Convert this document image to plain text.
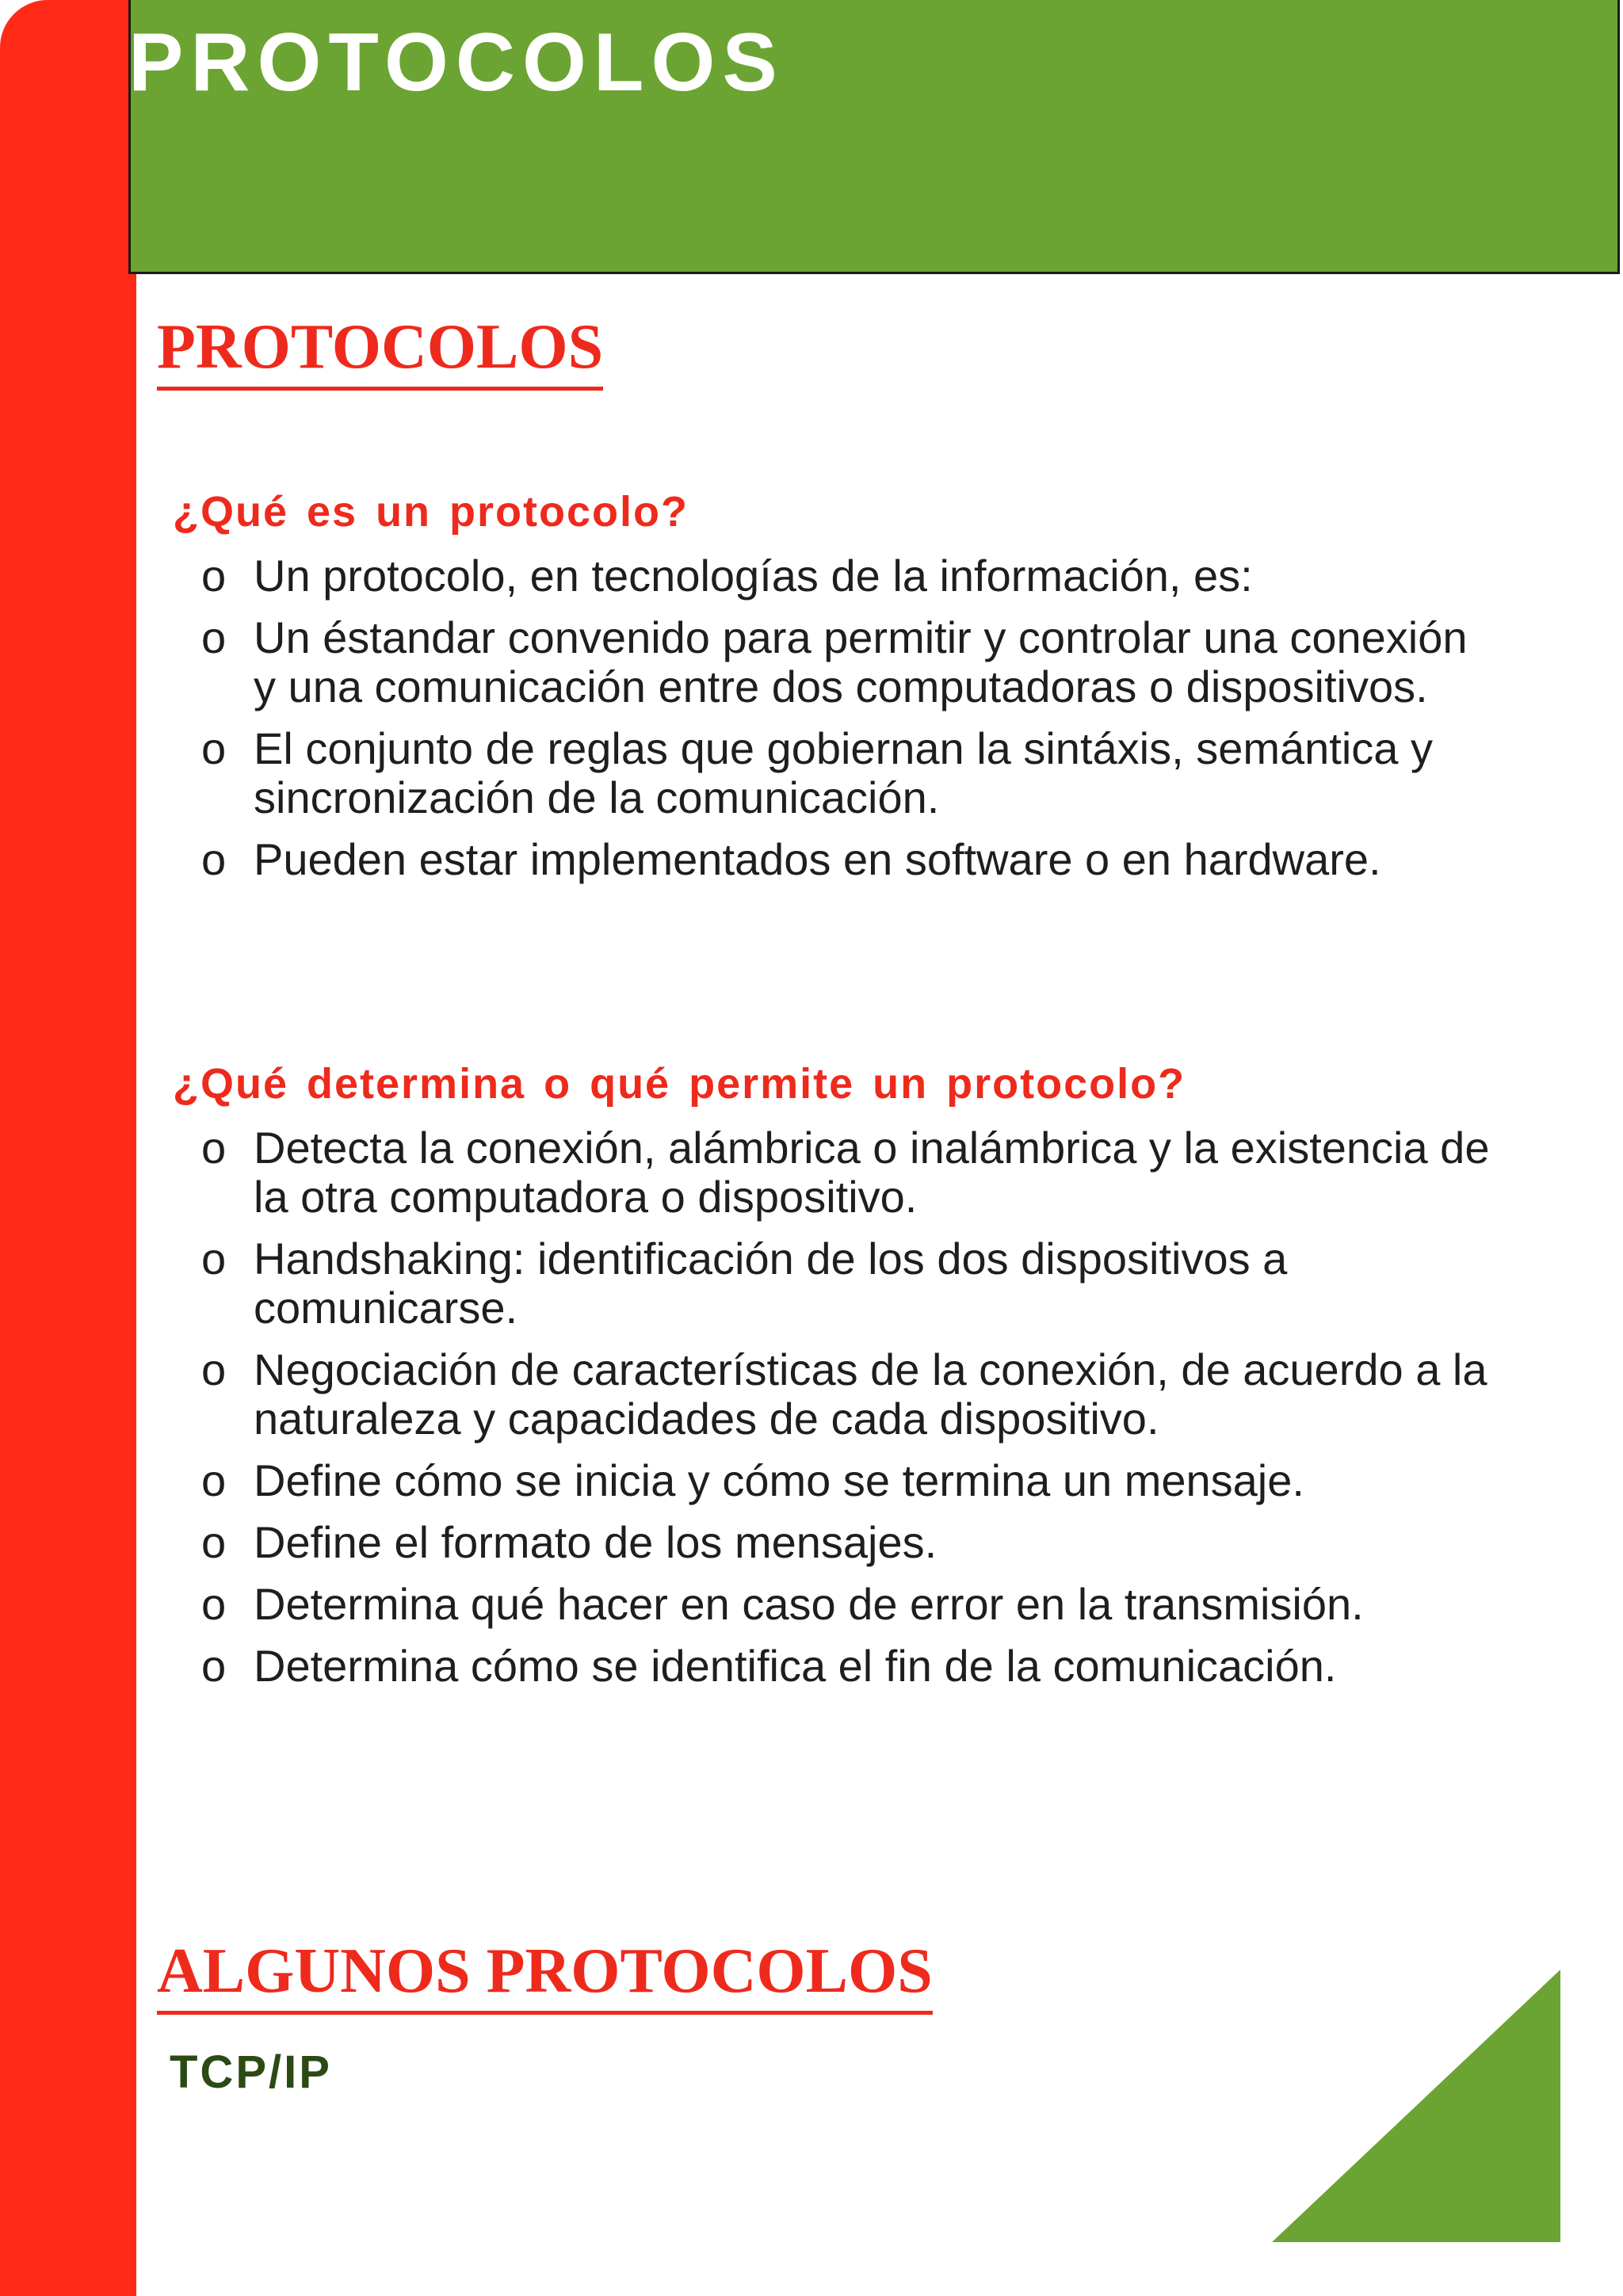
PROTOCOLOS
PROTOCOLOS
¿Qué es un protocolo?
o Un protocolo, en tecnologías de la información, es:
o Un éstandar convenido para permitir y controlar una conexión y una comunicación entre dos computadoras o dispositivos.
o El conjunto de reglas que gobiernan la sintáxis, semántica y sincronización de la comunicación.
o Pueden estar implementados en software o en hardware.
¿Qué determina o qué permite un protocolo?
o Detecta la conexión, alámbrica o inalámbrica y la existencia de la otra computadora o dispositivo.
o Handshaking: identificación de los dos dispositivos a comunicarse.
o Negociación de características de la conexión, de acuerdo a la naturaleza y capacidades de cada dispositivo.
o Define cómo se inicia y cómo se termina un mensaje.
o Define el formato de los mensajes.
o Determina qué hacer en caso de error en la transmisión.
o Determina cómo se identifica el fin de la comunicación.
ALGUNOS PROTOCOLOS
TCP/IP
